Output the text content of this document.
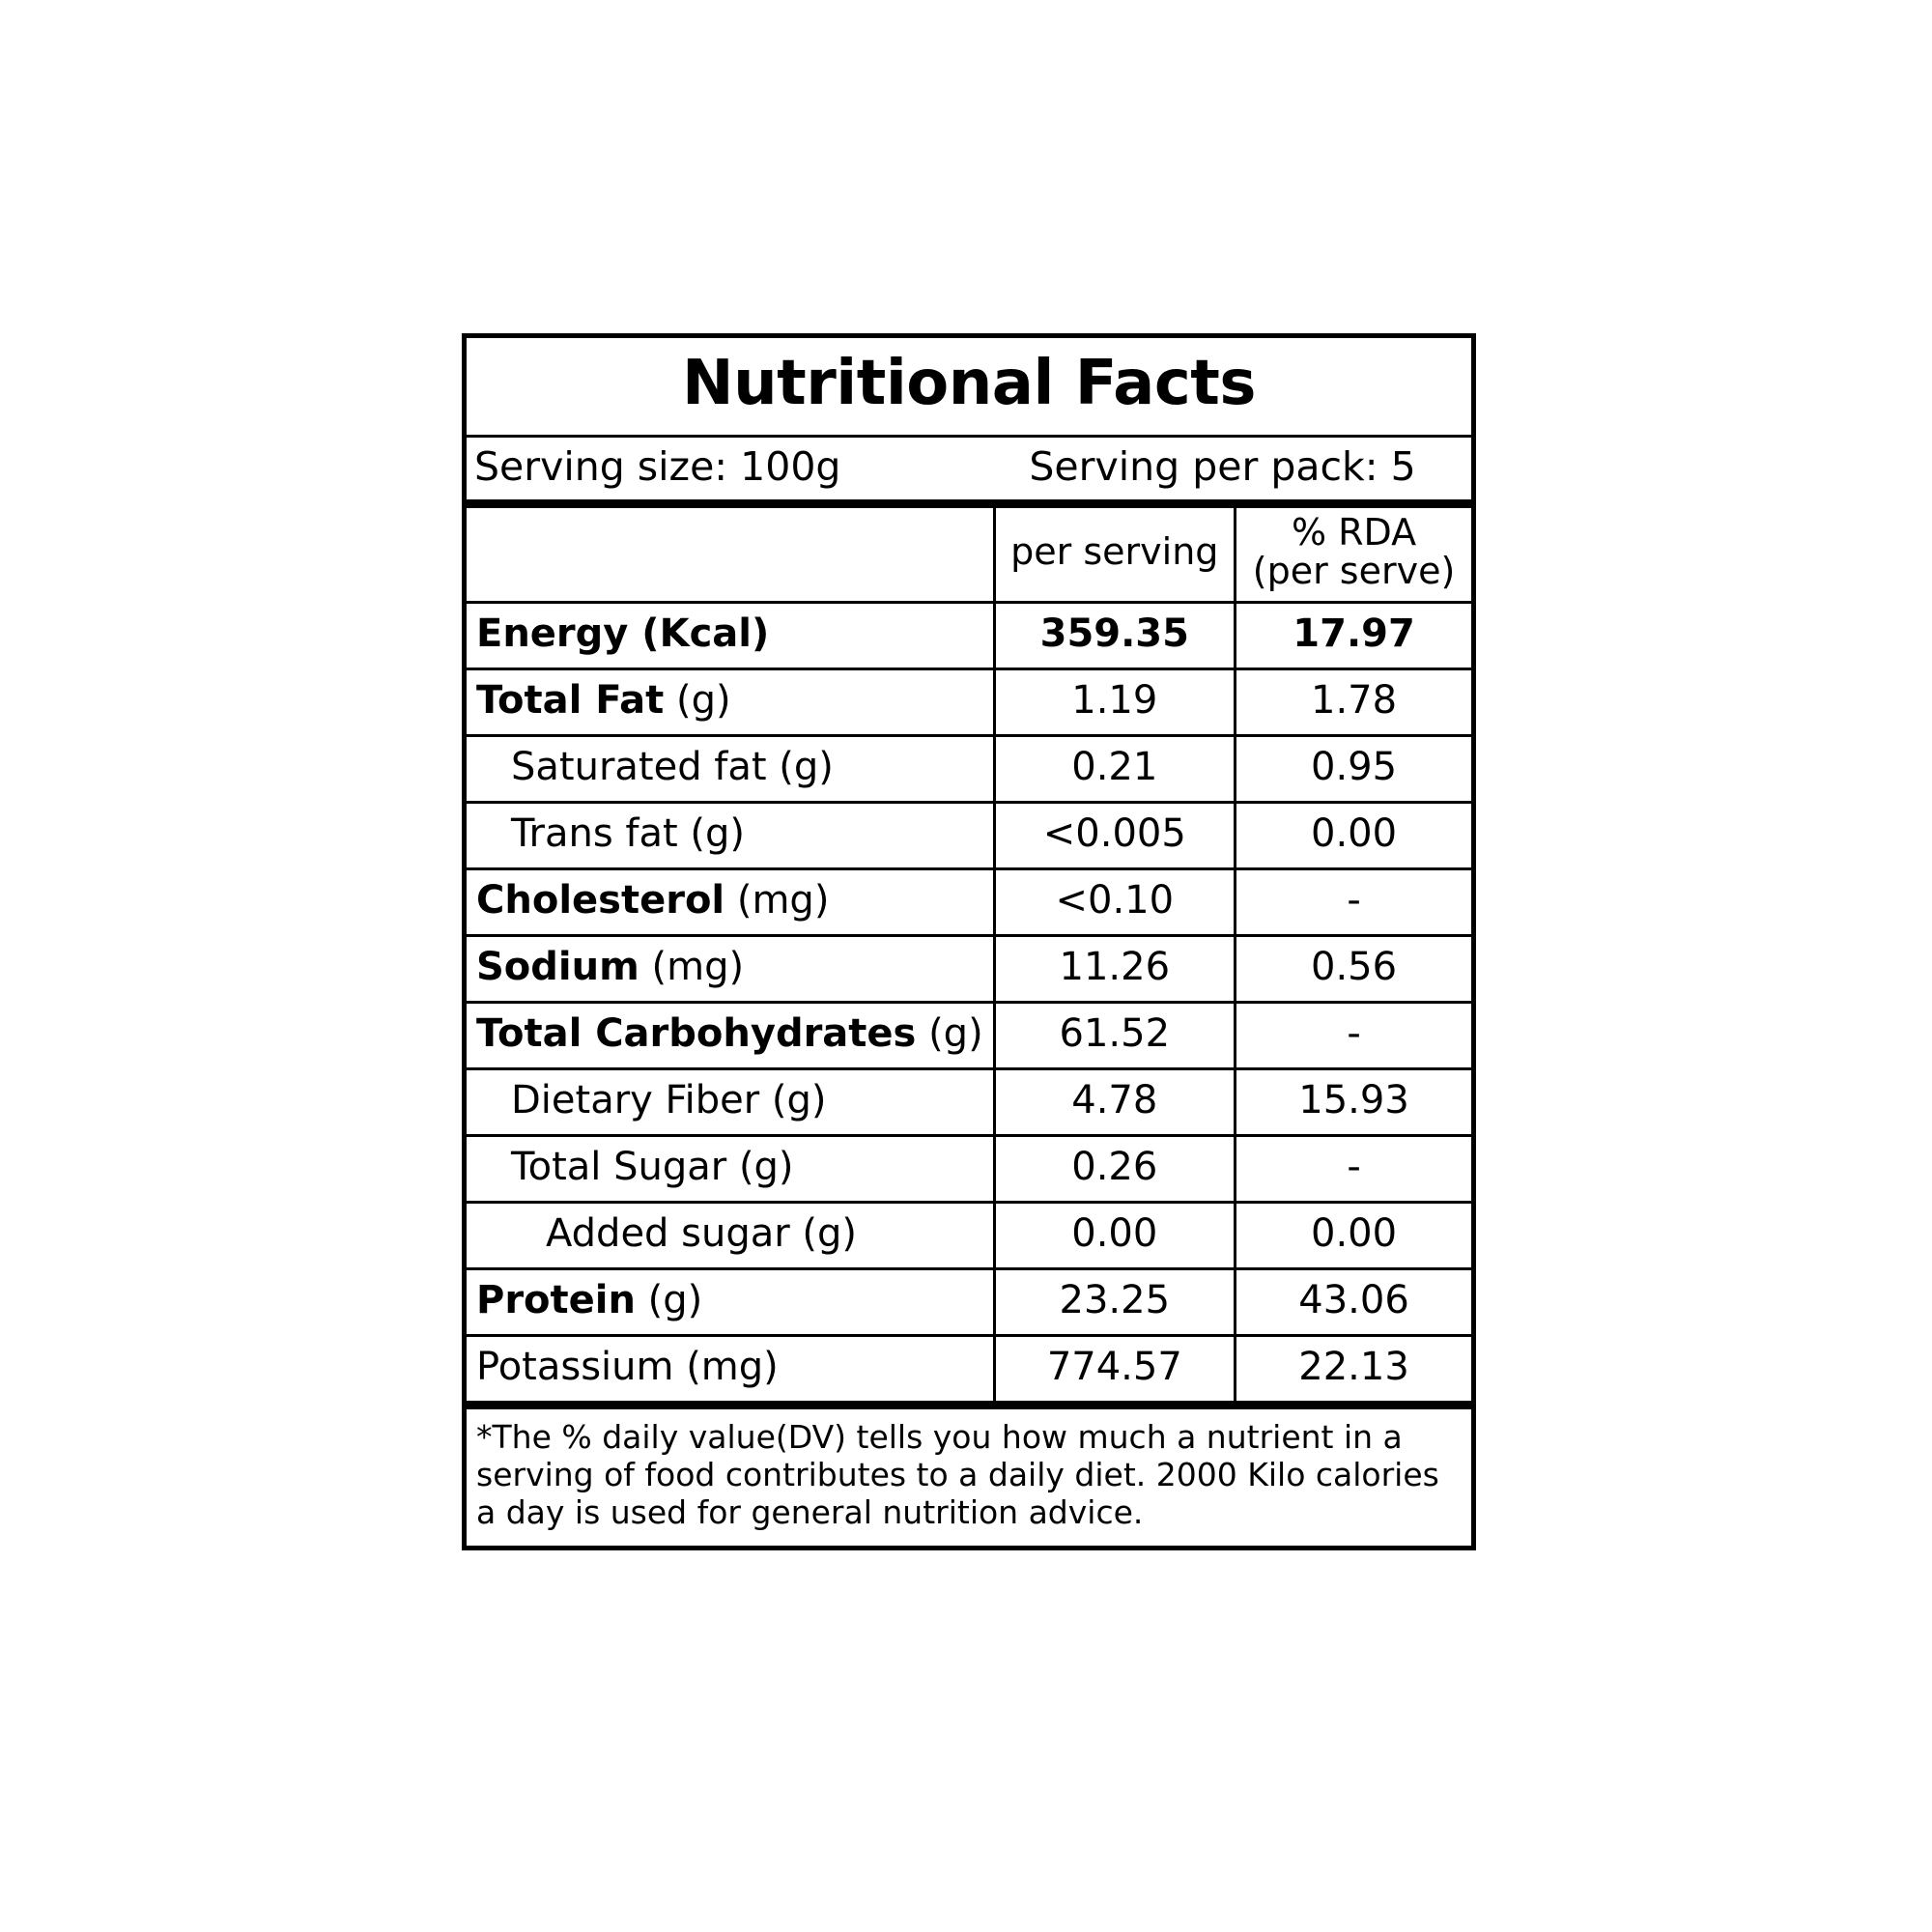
Nutritional Facts		

Serving size: 100g Serving per pack: 5		

	per serving	% RDA
(per serve)

Energy (Kcal)	359.35	17.97
Total Fat (g)	1.19	1.78
Saturated fat (g)	0.21	0.95
Trans fat (g)	<0.005	0.00
Cholesterol (mg)	<0.10	-
Sodium (mg)	11.26	0.56
Total Carbohydrates (g)	61.52	-
Dietary Fiber (g)	4.78	15.93
Total Sugar (g)	0.26	-
Added sugar (g)	0.00	0.00
Protein (g)	23.25	43.06
Potassium (mg)	774.57	22.13
*The % daily value(DV) tells you how much a nutrient in a serving of food contributes to a daily diet. 2000 Kilo calories a day is used for general nutrition advice.		
